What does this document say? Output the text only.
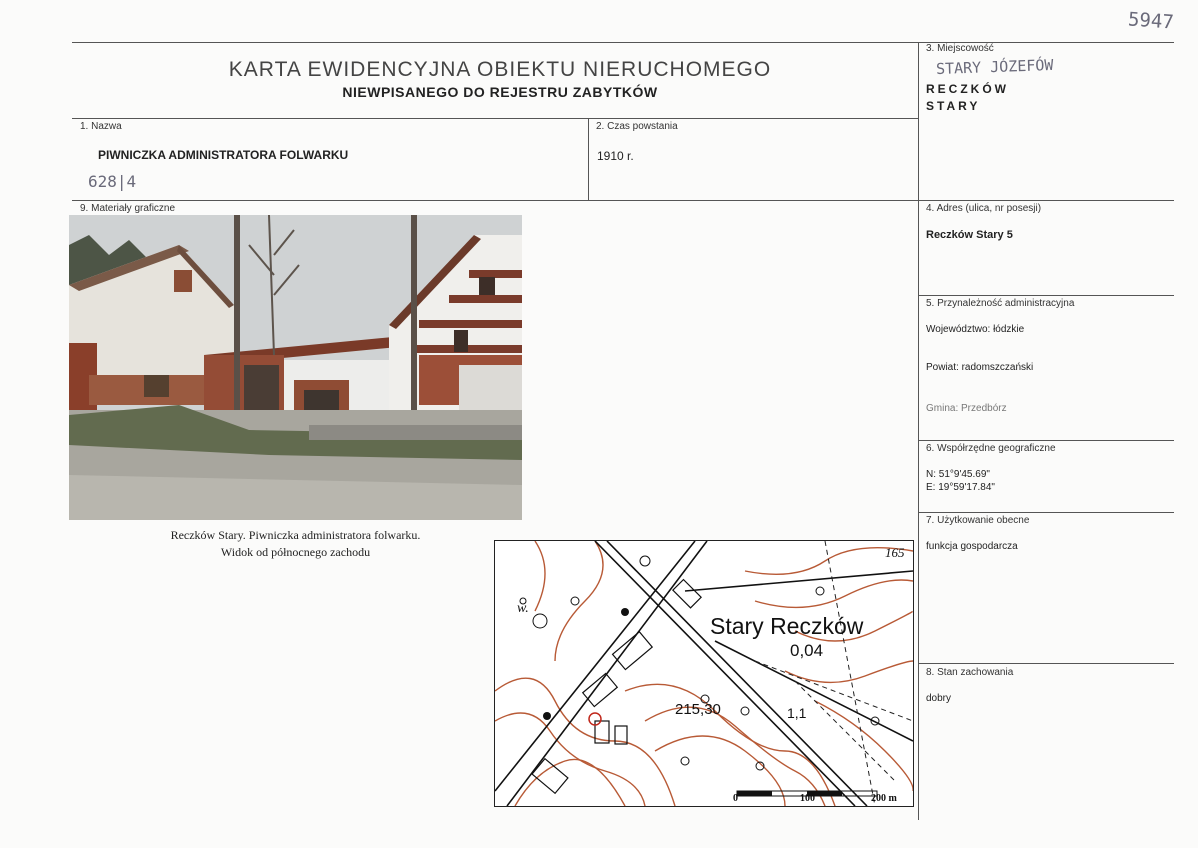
5947
KARTA EWIDENCYJNA OBIEKTU NIERUCHOMEGO
NIEWPISANEGO DO REJESTRU ZABYTKÓW
3. Miejscowość
STARY JÓZEFÓW
RECZKÓW
STARY
1. Nazwa
PIWNICZKA ADMINISTRATORA FOLWARKU
628|4
2. Czas powstania
1910 r.
9. Materiały graficzne
Reczków Stary. Piwniczka administratora folwarku.
Widok od północnego zachodu
Stary Reczków
0,04
215,30	1,1
165
w.
0	100	200 m
4. Adres (ulica, nr posesji)
Reczków Stary 5
5. Przynależność administracyjna
Województwo: łódzkie
Powiat: radomszczański
Gmina: Przedbórz
6. Współrzędne geograficzne
N: 51°9'45.69"
E: 19°59'17.84"
7. Użytkowanie obecne
funkcja gospodarcza
8. Stan zachowania
dobry
